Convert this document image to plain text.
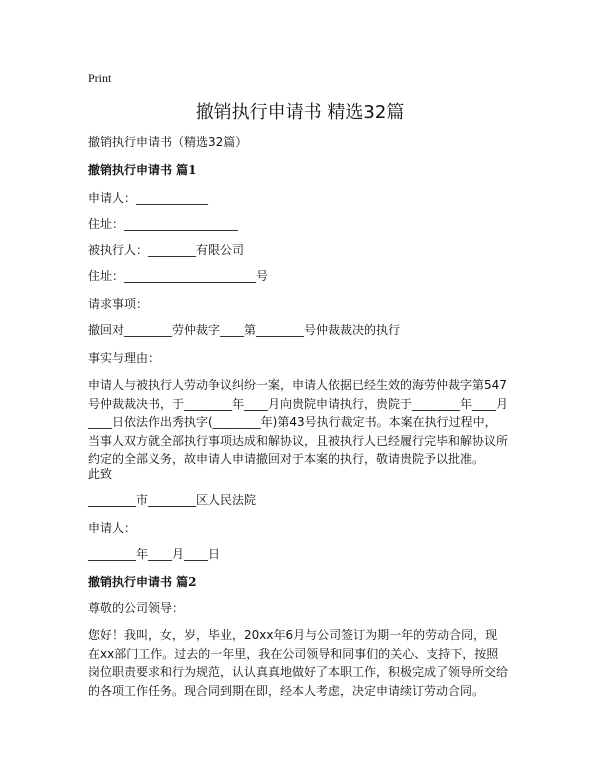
Print
撤销执行申请书 精选32篇
撤销执行申请书（精选32篇）
撤销执行申请书 篇1
申请人：____________
住址：___________________
被执行人：________有限公司
住址：______________________号
请求事项：
撤回对________劳仲裁字____第________号仲裁裁决的执行
事实与理由：
申请人与被执行人劳动争议纠纷一案，申请人依据已经生效的海劳仲裁字第547号仲裁裁决书，于________年____月向贵院申请执行，贵院于________年____月____日依法作出秀执字(________年)第43号执行裁定书。本案在执行过程中，当事人双方就全部执行事项达成和解协议，且被执行人已经履行完毕和解协议所约定的全部义务，故申请人申请撤回对于本案的执行，敬请贵院予以批准。
此致
________市________区人民法院
申请人：
________年____月____日
撤销执行申请书 篇2
尊敬的公司领导：
您好！我叫，女，岁，毕业，20xx年6月与公司签订为期一年的劳动合同，现在xx部门工作。过去的一年里，我在公司领导和同事们的关心、支持下，按照岗位职责要求和行为规范，认认真真地做好了本职工作，积极完成了领导所交给的各项工作任务。现合同到期在即，经本人考虑，决定申请续订劳动合同。
